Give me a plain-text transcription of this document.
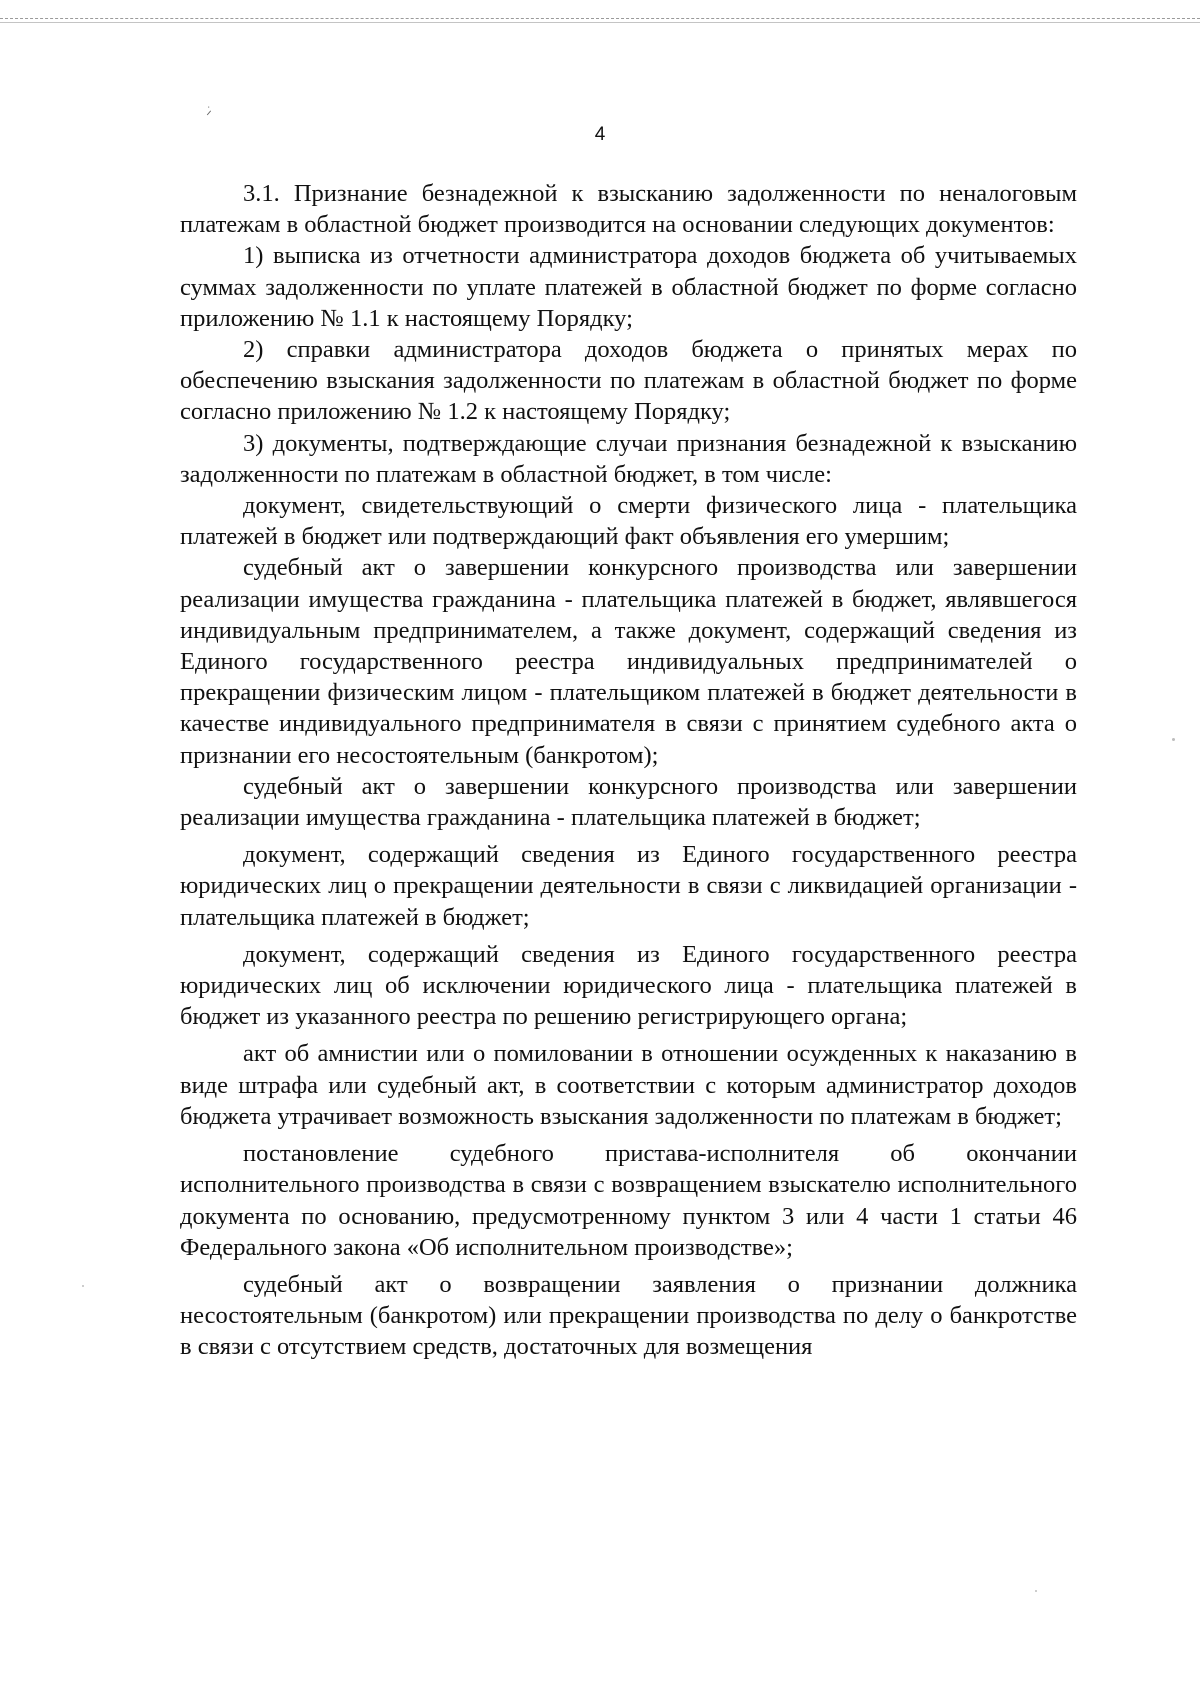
˙ı
4

3.1. Признание безнадежной к взысканию задолженности по неналоговым платежам в областной бюджет производится на основании следующих документов:

1) выписка из отчетности администратора доходов бюджета об учитываемых суммах задолженности по уплате платежей в областной бюджет по форме согласно приложению № 1.1 к настоящему Порядку;

2) справки администратора доходов бюджета о принятых мерах по обеспечению взыскания задолженности по платежам в областной бюджет по форме согласно приложению № 1.2 к настоящему Порядку;

3) документы, подтверждающие случаи признания безнадежной к взысканию задолженности по платежам в областной бюджет, в том числе:

документ, свидетельствующий о смерти физического лица - плательщика платежей в бюджет или подтверждающий факт объявления его умершим;

судебный акт о завершении конкурсного производства или завершении реализации имущества гражданина - плательщика платежей в бюджет, являвшегося индивидуальным предпринимателем, а также документ, содержащий сведения из Единого государственного реестра индивидуальных предпринимателей о прекращении физическим лицом - плательщиком платежей в бюджет деятельности в качестве индивидуального предпринимателя в связи с принятием судебного акта о признании его несостоятельным (банкротом);

судебный акт о завершении конкурсного производства или завершении реализации имущества гражданина - плательщика платежей в бюджет;

документ, содержащий сведения из Единого государственного реестра юридических лиц о прекращении деятельности в связи с ликвидацией организации - плательщика платежей в бюджет;

документ, содержащий сведения из Единого государственного реестра юридических лиц об исключении юридического лица - плательщика платежей в бюджет из указанного реестра по решению регистрирующего органа;

акт об амнистии или о помиловании в отношении осужденных к наказанию в виде штрафа или судебный акт, в соответствии с которым администратор доходов бюджета утрачивает возможность взыскания задолженности по платежам в бюджет;

постановление судебного пристава-исполнителя об окончании исполнительного производства в связи с возвращением взыскателю исполнительного документа по основанию, предусмотренному пунктом 3 или 4 части 1 статьи 46 Федерального закона «Об исполнительном производстве»;

судебный акт о возвращении заявления о признании должника несостоятельным (банкротом) или прекращении производства по делу о банкротстве в связи с отсутствием средств, достаточных для возмещения
